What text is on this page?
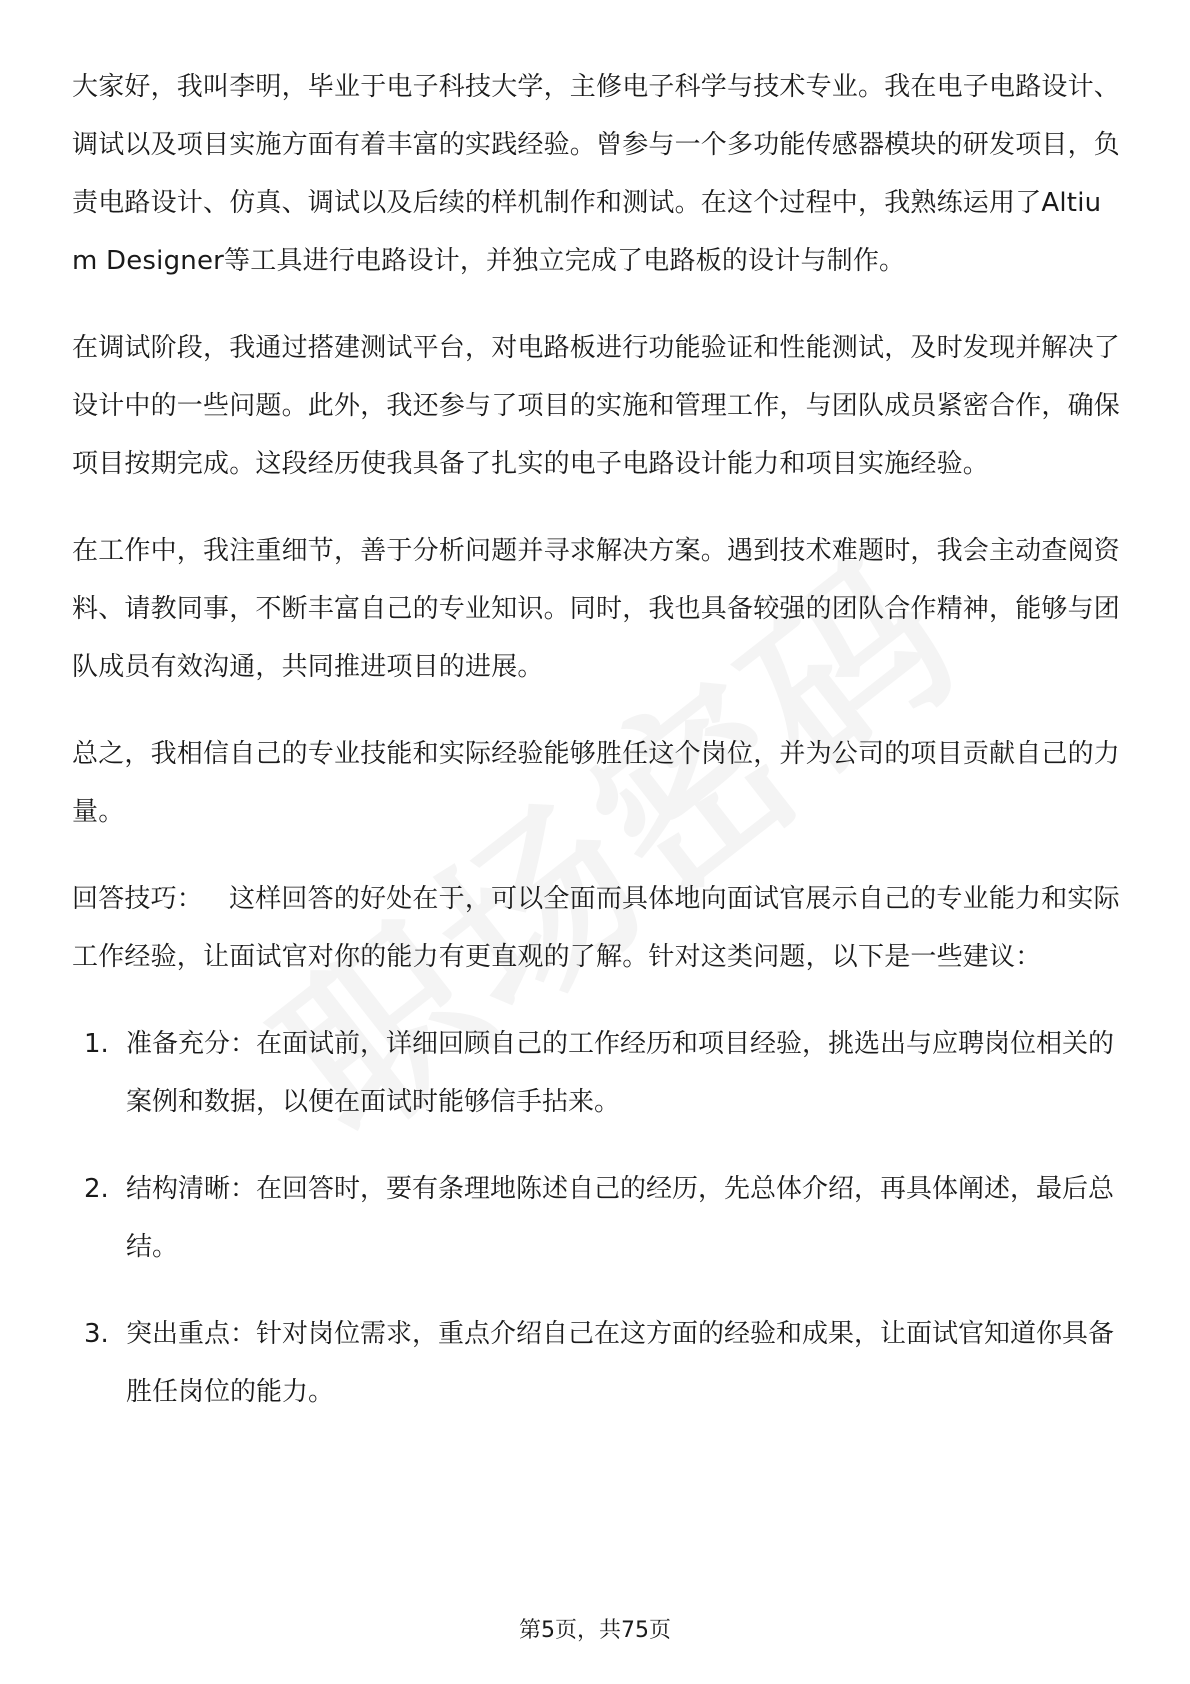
大家好，我叫李明，毕业于电子科技大学，主修电子科学与技术专业。我在电子电路设计、调试以及项目实施方面有着丰富的实践经验。曾参与一个多功能传感器模块的研发项目，负责电路设计、仿真、调试以及后续的样机制作和测试。在这个过程中，我熟练运用了Altium Designer等工具进行电路设计，并独立完成了电路板的设计与制作。

在调试阶段，我通过搭建测试平台，对电路板进行功能验证和性能测试，及时发现并解决了设计中的一些问题。此外，我还参与了项目的实施和管理工作，与团队成员紧密合作，确保项目按期完成。这段经历使我具备了扎实的电子电路设计能力和项目实施经验。

在工作中，我注重细节，善于分析问题并寻求解决方案。遇到技术难题时，我会主动查阅资料、请教同事，不断丰富自己的专业知识。同时，我也具备较强的团队合作精神，能够与团队成员有效沟通，共同推进项目的进展。

总之，我相信自己的专业技能和实际经验能够胜任这个岗位，并为公司的项目贡献自己的力量。

回答技巧： 这样回答的好处在于，可以全面而具体地向面试官展示自己的专业能力和实际工作经验，让面试官对你的能力有更直观的了解。针对这类问题，以下是一些建议：

1. 准备充分：在面试前，详细回顾自己的工作经历和项目经验，挑选出与应聘岗位相关的案例和数据，以便在面试时能够信手拈来。
2. 结构清晰：在回答时，要有条理地陈述自己的经历，先总体介绍，再具体阐述，最后总结。
3. 突出重点：针对岗位需求，重点介绍自己在这方面的经验和成果，让面试官知道你具备胜任岗位的能力。
第5页，共75页
